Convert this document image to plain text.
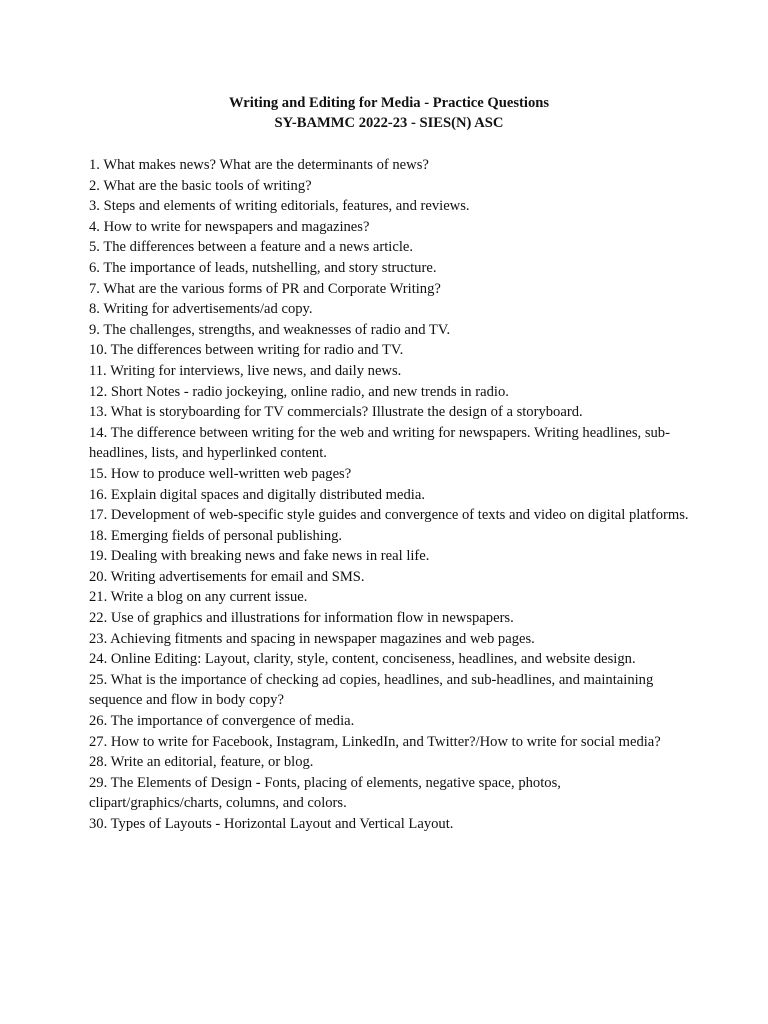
Writing and Editing for Media - Practice Questions
SY-BAMMC 2022-23 - SIES(N) ASC
1. What makes news? What are the determinants of news?
2. What are the basic tools of writing?
3. Steps and elements of writing editorials, features, and reviews.
4. How to write for newspapers and magazines?
5. The differences between a feature and a news article.
6. The importance of leads, nutshelling, and story structure.
7. What are the various forms of PR and Corporate Writing?
8. Writing for advertisements/ad copy.
9. The challenges, strengths, and weaknesses of radio and TV.
10. The differences between writing for radio and TV.
11. Writing for interviews, live news, and daily news.
12. Short Notes - radio jockeying, online radio, and new trends in radio.
13. What is storyboarding for TV commercials? Illustrate the design of a storyboard.
14. The difference between writing for the web and writing for newspapers. Writing headlines, sub-headlines, lists, and hyperlinked content.
15. How to produce well-written web pages?
16. Explain digital spaces and digitally distributed media.
17. Development of web-specific style guides and convergence of texts and video on digital platforms.
18. Emerging fields of personal publishing.
19. Dealing with breaking news and fake news in real life.
20. Writing advertisements for email and SMS.
21. Write a blog on any current issue.
22. Use of graphics and illustrations for information flow in newspapers.
23. Achieving fitments and spacing in newspaper magazines and web pages.
24. Online Editing: Layout, clarity, style, content, conciseness, headlines, and website design.
25. What is the importance of checking ad copies, headlines, and sub-headlines, and maintaining sequence and flow in body copy?
26. The importance of convergence of media.
27. How to write for Facebook, Instagram, LinkedIn, and Twitter?/How to write for social media?
28. Write an editorial, feature, or blog.
29. The Elements of Design - Fonts, placing of elements, negative space, photos, clipart/graphics/charts, columns, and colors.
30. Types of Layouts - Horizontal Layout and Vertical Layout.
